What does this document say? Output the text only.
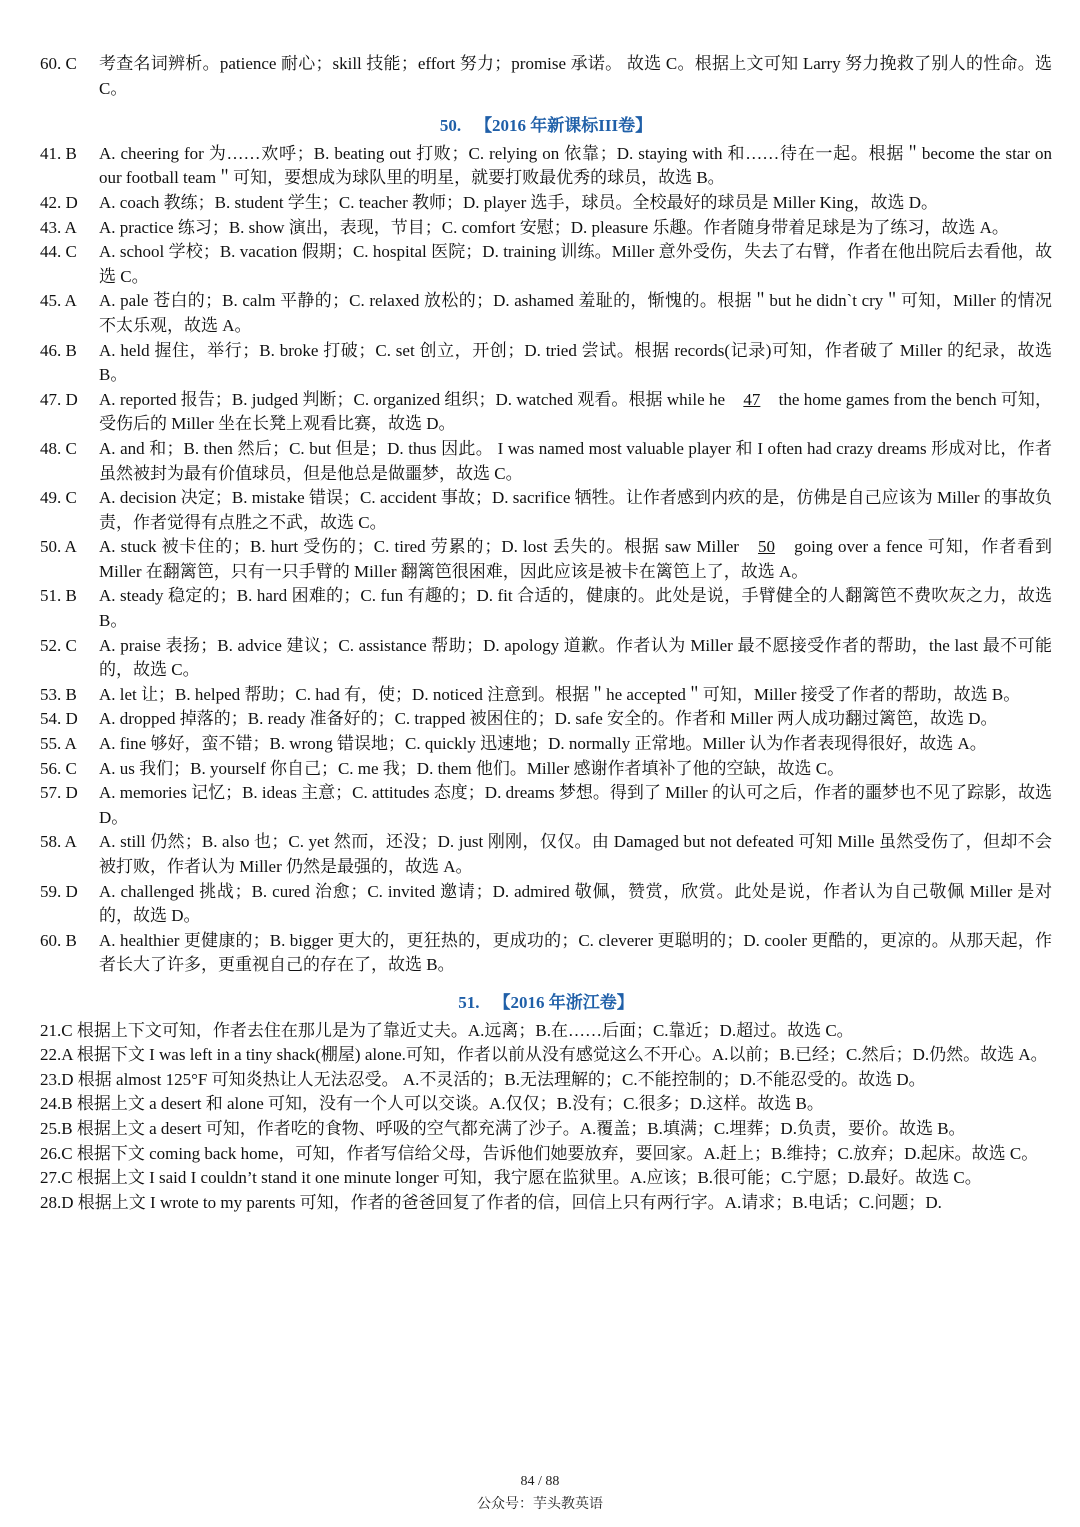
60. C	考查名词辨析。patience 耐心；skill 技能；effort 努力；promise 承诺。 故选 C。根据上文可知 Larry 努力挽救了别人的性命。选 C。
50. 【2016 年新课标III卷】
41. B	A. cheering for 为……欢呼；B. beating out 打败；C. relying on 依靠；D. staying with 和……待在一起。根据＂become the star on our football team＂可知，要想成为球队里的明星，就要打败最优秀的球员，故选 B。
42. D	A. coach 教练；B. student 学生；C. teacher 教师；D. player 选手，球员。全校最好的球员是 Miller King，故选 D。
43. A	A. practice 练习；B. show 演出，表现，节目；C. comfort 安慰；D. pleasure 乐趣。作者随身带着足球是为了练习，故选 A。
44. C	A. school 学校；B. vacation 假期；C. hospital 医院；D. training 训练。Miller 意外受伤，失去了右臂，作者在他出院后去看他，故选 C。
45. A	A. pale 苍白的；B. calm 平静的；C. relaxed 放松的；D. ashamed 羞耻的，惭愧的。根据＂but he didn`t cry＂可知，Miller 的情况不太乐观，故选 A。
46. B	A. held 握住，举行；B. broke 打破；C. set 创立，开创；D. tried 尝试。根据 records(记录)可知，作者破了 Miller 的纪录，故选 B。
47. D	A. reported 报告；B. judged 判断；C. organized 组织；D. watched 观看。根据 while he 47 the home games from the bench 可知，受伤后的 Miller 坐在长凳上观看比赛，故选 D。
48. C	A. and 和；B. then 然后；C. but 但是；D. thus 因此。 I was named most valuable player 和 I often had crazy dreams 形成对比，作者虽然被封为最有价值球员，但是他总是做噩梦，故选 C。
49. C	A. decision 决定；B. mistake 错误；C. accident 事故；D. sacrifice 牺牲。让作者感到内疚的是，仿佛是自己应该为 Miller 的事故负责，作者觉得有点胜之不武，故选 C。
50. A	A. stuck 被卡住的；B. hurt 受伤的；C. tired 劳累的；D. lost 丢失的。根据 saw Miller 50 going over a fence 可知，作者看到 Miller 在翻篱笆，只有一只手臂的 Miller 翻篱笆很困难，因此应该是被卡在篱笆上了，故选 A。
51. B	A. steady 稳定的；B. hard 困难的；C. fun 有趣的；D. fit 合适的，健康的。此处是说，手臂健全的人翻篱笆不费吹灰之力，故选 B。
52. C	A. praise 表扬；B. advice 建议；C. assistance 帮助；D. apology 道歉。作者认为 Miller 最不愿接受作者的帮助，the last 最不可能的，故选 C。
53. B	A. let 让；B. helped 帮助；C. had 有，使；D. noticed 注意到。根据＂he accepted＂可知，Miller 接受了作者的帮助，故选 B。
54. D	A. dropped 掉落的；B. ready 准备好的；C. trapped 被困住的；D. safe 安全的。作者和 Miller 两人成功翻过篱笆，故选 D。
55. A	A. fine 够好，蛮不错；B. wrong 错误地；C. quickly 迅速地；D. normally 正常地。Miller 认为作者表现得很好，故选 A。
56. C	A. us 我们；B. yourself 你自己；C. me 我；D. them 他们。Miller 感谢作者填补了他的空缺，故选 C。
57. D	A. memories 记忆；B. ideas 主意；C. attitudes 态度；D. dreams 梦想。得到了 Miller 的认可之后，作者的噩梦也不见了踪影，故选 D。
58. A	A. still 仍然；B. also 也；C. yet 然而，还没；D. just 刚刚，仅仅。由 Damaged but not defeated 可知 Mille 虽然受伤了，但却不会被打败，作者认为 Miller 仍然是最强的，故选 A。
59. D	A. challenged 挑战；B. cured 治愈；C. invited 邀请；D. admired 敬佩，赞赏，欣赏。此处是说，作者认为自己敬佩 Miller 是对的，故选 D。
60. B	A. healthier 更健康的；B. bigger 更大的，更狂热的，更成功的；C. cleverer 更聪明的；D. cooler 更酷的，更凉的。从那天起，作者长大了许多，更重视自己的存在了，故选 B。
51. 【2016 年浙江卷】
21.C 根据上下文可知，作者去住在那儿是为了靠近丈夫。A.远离；B.在……后面；C.靠近；D.超过。故选 C。
22.A 根据下文 I was left in a tiny shack(棚屋) alone.可知，作者以前从没有感觉这么不开心。A.以前；B.已经；C.然后；D.仍然。故选 A。
23.D 根据 almost 125°F 可知炎热让人无法忍受。 A.不灵活的；B.无法理解的；C.不能控制的；D.不能忍受的。故选 D。
24.B 根据上文 a desert 和 alone 可知，没有一个人可以交谈。A.仅仅；B.没有；C.很多；D.这样。故选 B。
25.B 根据上文 a desert 可知，作者吃的食物、呼吸的空气都充满了沙子。A.覆盖；B.填满；C.埋葬；D.负责，要价。故选 B。
26.C 根据下文 coming back home，可知，作者写信给父母，告诉他们她要放弃，要回家。A.赶上；B.维持；C.放弃；D.起床。故选 C。
27.C 根据上文 I said I couldn’t stand it one minute longer 可知，我宁愿在监狱里。A.应该；B.很可能；C.宁愿；D.最好。故选 C。
28.D 根据上文 I wrote to my parents 可知，作者的爸爸回复了作者的信，回信上只有两行字。A.请求；B.电话；C.问题；D.
84 / 88
公众号：芋头教英语
